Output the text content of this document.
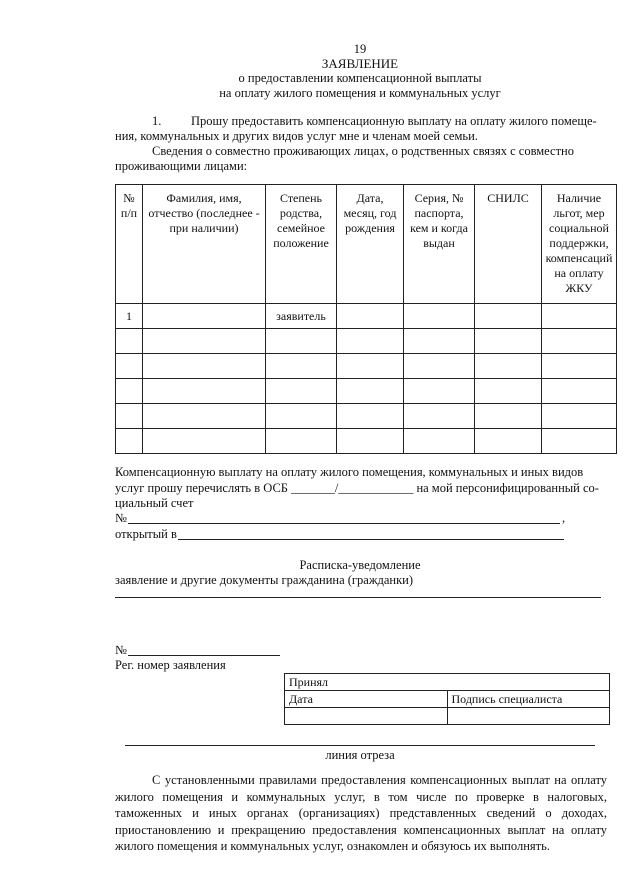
19
ЗАЯВЛЕНИЕ
о предоставлении компенсационной выплаты
на оплату жилого помещения и коммунальных услуг
1. Прошу предоставить компенсационную выплату на оплату жилого помеще-
ния, коммунальных и других видов услуг мне и членам моей семьи.
Сведения о совместно проживающих лицах, о родственных связях с совместно
проживающими лицами:
№ п/п	Фамилия, имя, отчество (последнее - при наличии)	Степень родства, семейное положение	Дата, месяц, год рождения	Серия, № паспорта, кем и когда выдан	СНИЛС	Наличие льгот, мер социальной поддержки, компенсаций на оплату ЖКУ
1		заявитель				

Компенсационную выплату на оплату жилого помещения, коммунальных и иных видов
услуг прошу перечислять в ОСБ _______/____________ на мой персонифицированный со-
циальный счет
№	,
открытый в
Расписка-уведомление
заявление и другие документы гражданина (гражданки)
№
Рег. номер заявления
Принял	
Дата	Подпись специалиста

линия отреза
С установленными правилами предоставления компенсационных выплат на оплату жилого помещения и коммунальных услуг, в том числе по проверке в налоговых, таможенных и иных органах (организациях) представленных сведений о доходах, приостановлению и прекращению предоставления компенсационных выплат на оплату жилого помещения и коммунальных услуг, ознакомлен и обязуюсь их выполнять.
